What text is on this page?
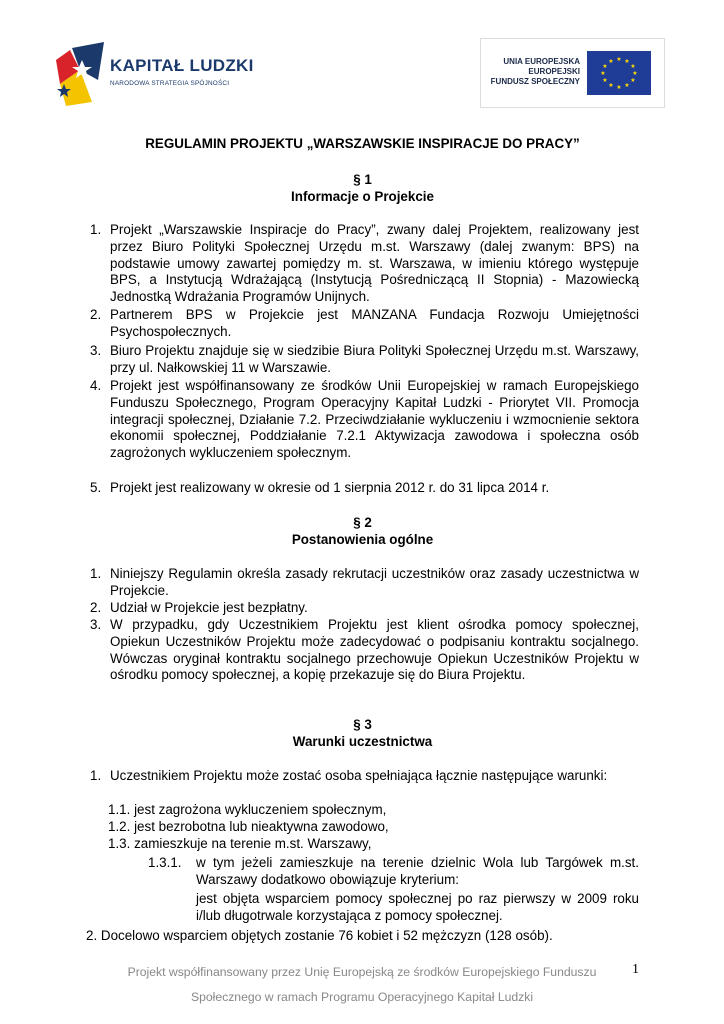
KAPITAŁ LUDZKI
NARODOWA STRATEGIA SPÓJNOŚCI
UNIA EUROPEJSKA
EUROPEJSKI
FUNDUSZ SPOŁECZNY
★ ★
★
★
★
★
★
★
★
★
★
★
REGULAMIN PROJEKTU „WARSZAWSKIE INSPIRACJE DO PRACY”
§ 1
Informacje o Projekcie
1. Projekt „Warszawskie Inspiracje do Pracy”, zwany dalej Projektem, realizowany jest przez Biuro Polityki Społecznej Urzędu m.st. Warszawy (dalej zwanym: BPS) na podstawie umowy zawartej pomiędzy m. st. Warszawa, w imieniu którego występuje BPS, a Instytucją Wdrażającą (Instytucją Pośredniczącą II Stopnia) - Mazowiecką Jednostką Wdrażania Programów Unijnych.
2. Partnerem BPS w Projekcie jest MANZANA Fundacja Rozwoju Umiejętności Psychospołecznych.
3. Biuro Projektu znajduje się w siedzibie Biura Polityki Społecznej Urzędu m.st. Warszawy, przy ul. Nałkowskiej 11 w Warszawie.
4. Projekt jest współfinansowany ze środków Unii Europejskiej w ramach Europejskiego Funduszu Społecznego, Program Operacyjny Kapitał Ludzki - Priorytet VII. Promocja integracji społecznej, Działanie 7.2. Przeciwdziałanie wykluczeniu i wzmocnienie sektora ekonomii społecznej, Poddziałanie 7.2.1 Aktywizacja zawodowa i społeczna osób zagrożonych wykluczeniem społecznym.
5. Projekt jest realizowany w okresie od 1 sierpnia 2012 r. do 31 lipca 2014 r.
§ 2
Postanowienia ogólne
1. Niniejszy Regulamin określa zasady rekrutacji uczestników oraz zasady uczestnictwa w Projekcie.
2. Udział w Projekcie jest bezpłatny.
3. W przypadku, gdy Uczestnikiem Projektu jest klient ośrodka pomocy społecznej, Opiekun Uczestników Projektu może zadecydować o podpisaniu kontraktu socjalnego. Wówczas oryginał kontraktu socjalnego przechowuje Opiekun Uczestników Projektu w ośrodku pomocy społecznej, a kopię przekazuje się do Biura Projektu.
§ 3
Warunki uczestnictwa
1. Uczestnikiem Projektu może zostać osoba spełniająca łącznie następujące warunki:
1.1. jest zagrożona wykluczeniem społecznym,
1.2. jest bezrobotna lub nieaktywna zawodowo,
1.3. zamieszkuje na terenie m.st. Warszawy,
1.3.1. w tym jeżeli zamieszkuje na terenie dzielnic Wola lub Targówek m.st. Warszawy dodatkowo obowiązuje kryterium:
jest objęta wsparciem pomocy społecznej po raz pierwszy w 2009 roku i/lub długotrwale korzystająca z pomocy społecznej.
2. Docelowo wsparciem objętych zostanie 76 kobiet i 52 mężczyzn (128 osób).
Projekt współfinansowany przez Unię Europejską ze środków Europejskiego Funduszu
Społecznego w ramach Programu Operacyjnego Kapitał Ludzki
1
